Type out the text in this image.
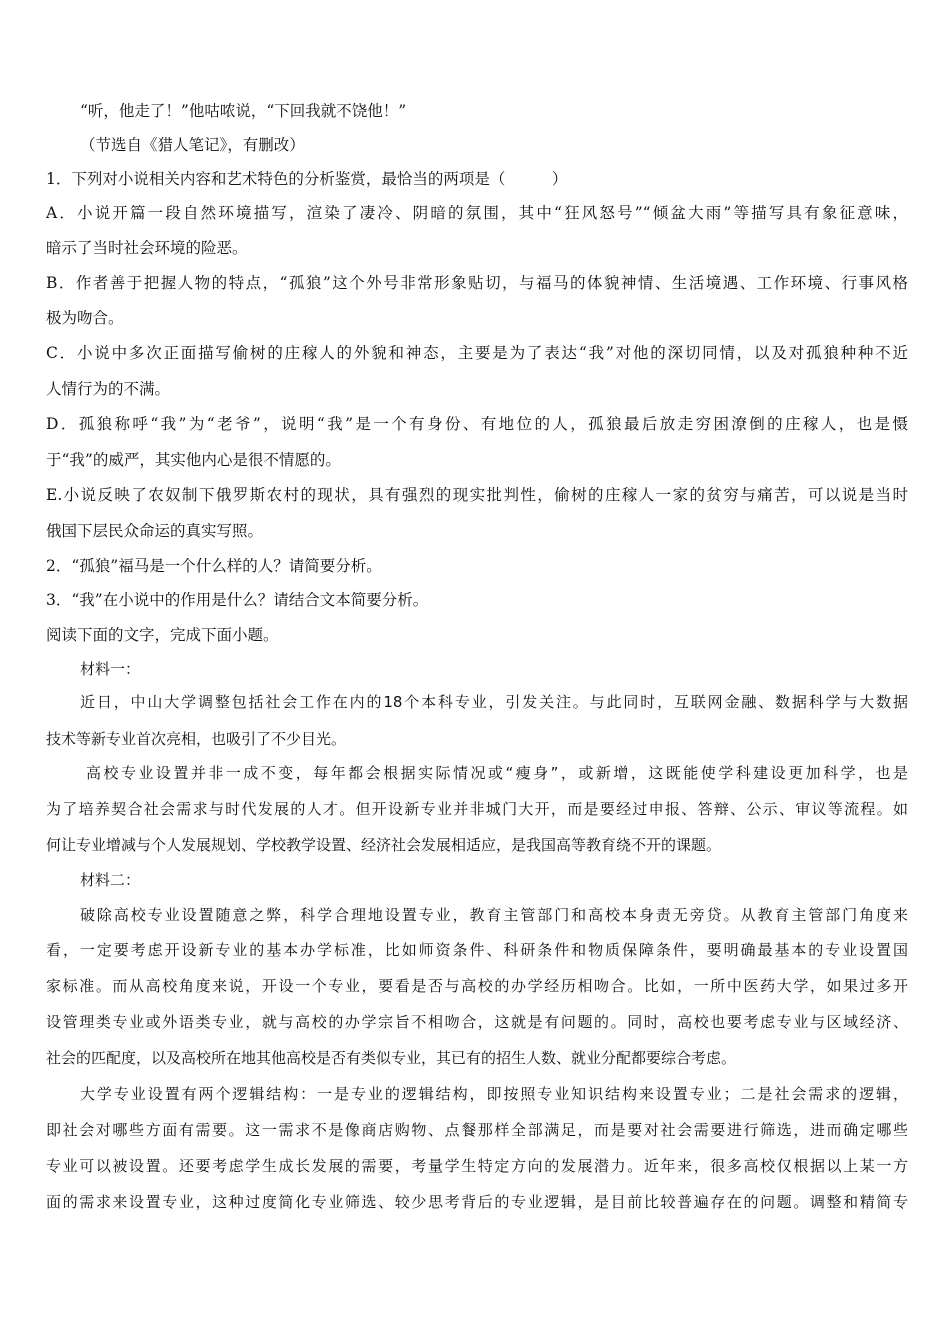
“听，他走了！”他咕哝说，“下回我就不饶他！”
（节选自《猎人笔记》，有删改）
1．下列对小说相关内容和艺术特色的分析鉴赏，最恰当的两项是（　　　）
A．小说开篇一段自然环境描写，渲染了凄冷、阴暗的氛围，其中“狂风怒号”“倾盆大雨”等描写具有象征意味，
暗示了当时社会环境的险恶。
B．作者善于把握人物的特点，“孤狼”这个外号非常形象贴切，与福马的体貌神情、生活境遇、工作环境、行事风格
极为吻合。
C．小说中多次正面描写偷树的庄稼人的外貌和神态，主要是为了表达“我”对他的深切同情，以及对孤狼种种不近
人情行为的不满。
D．孤狼称呼“我”为“老爷”，说明“我”是一个有身份、有地位的人，孤狼最后放走穷困潦倒的庄稼人，也是慑
于“我”的威严，其实他内心是很不情愿的。
E.小说反映了农奴制下俄罗斯农村的现状，具有强烈的现实批判性，偷树的庄稼人一家的贫穷与痛苦，可以说是当时
俄国下层民众命运的真实写照。
2．“孤狼”福马是一个什么样的人？请简要分析。
3．“我”在小说中的作用是什么？请结合文本简要分析。
阅读下面的文字，完成下面小题。
材料一：
近日，中山大学调整包括社会工作在内的18个本科专业，引发关注。与此同时，互联网金融、数据科学与大数据
技术等新专业首次亮相，也吸引了不少目光。
高校专业设置并非一成不变，每年都会根据实际情况或“瘦身”，或新增，这既能使学科建设更加科学，也是
为了培养契合社会需求与时代发展的人才。但开设新专业并非城门大开，而是要经过申报、答辩、公示、审议等流程。如
何让专业增减与个人发展规划、学校教学设置、经济社会发展相适应，是我国高等教育绕不开的课题。
材料二：
破除高校专业设置随意之弊，科学合理地设置专业，教育主管部门和高校本身责无旁贷。从教育主管部门角度来
看，一定要考虑开设新专业的基本办学标准，比如师资条件、科研条件和物质保障条件，要明确最基本的专业设置国
家标准。而从高校角度来说，开设一个专业，要看是否与高校的办学经历相吻合。比如，一所中医药大学，如果过多开
设管理类专业或外语类专业，就与高校的办学宗旨不相吻合，这就是有问题的。同时，高校也要考虑专业与区域经济、
社会的匹配度，以及高校所在地其他高校是否有类似专业，其已有的招生人数、就业分配都要综合考虑。
大学专业设置有两个逻辑结构：一是专业的逻辑结构，即按照专业知识结构来设置专业；二是社会需求的逻辑，
即社会对哪些方面有需要。这一需求不是像商店购物、点餐那样全部满足，而是要对社会需要进行筛选，进而确定哪些
专业可以被设置。还要考虑学生成长发展的需要，考量学生特定方向的发展潜力。近年来，很多高校仅根据以上某一方
面的需求来设置专业，这种过度简化专业筛选、较少思考背后的专业逻辑，是目前比较普遍存在的问题。调整和精简专
